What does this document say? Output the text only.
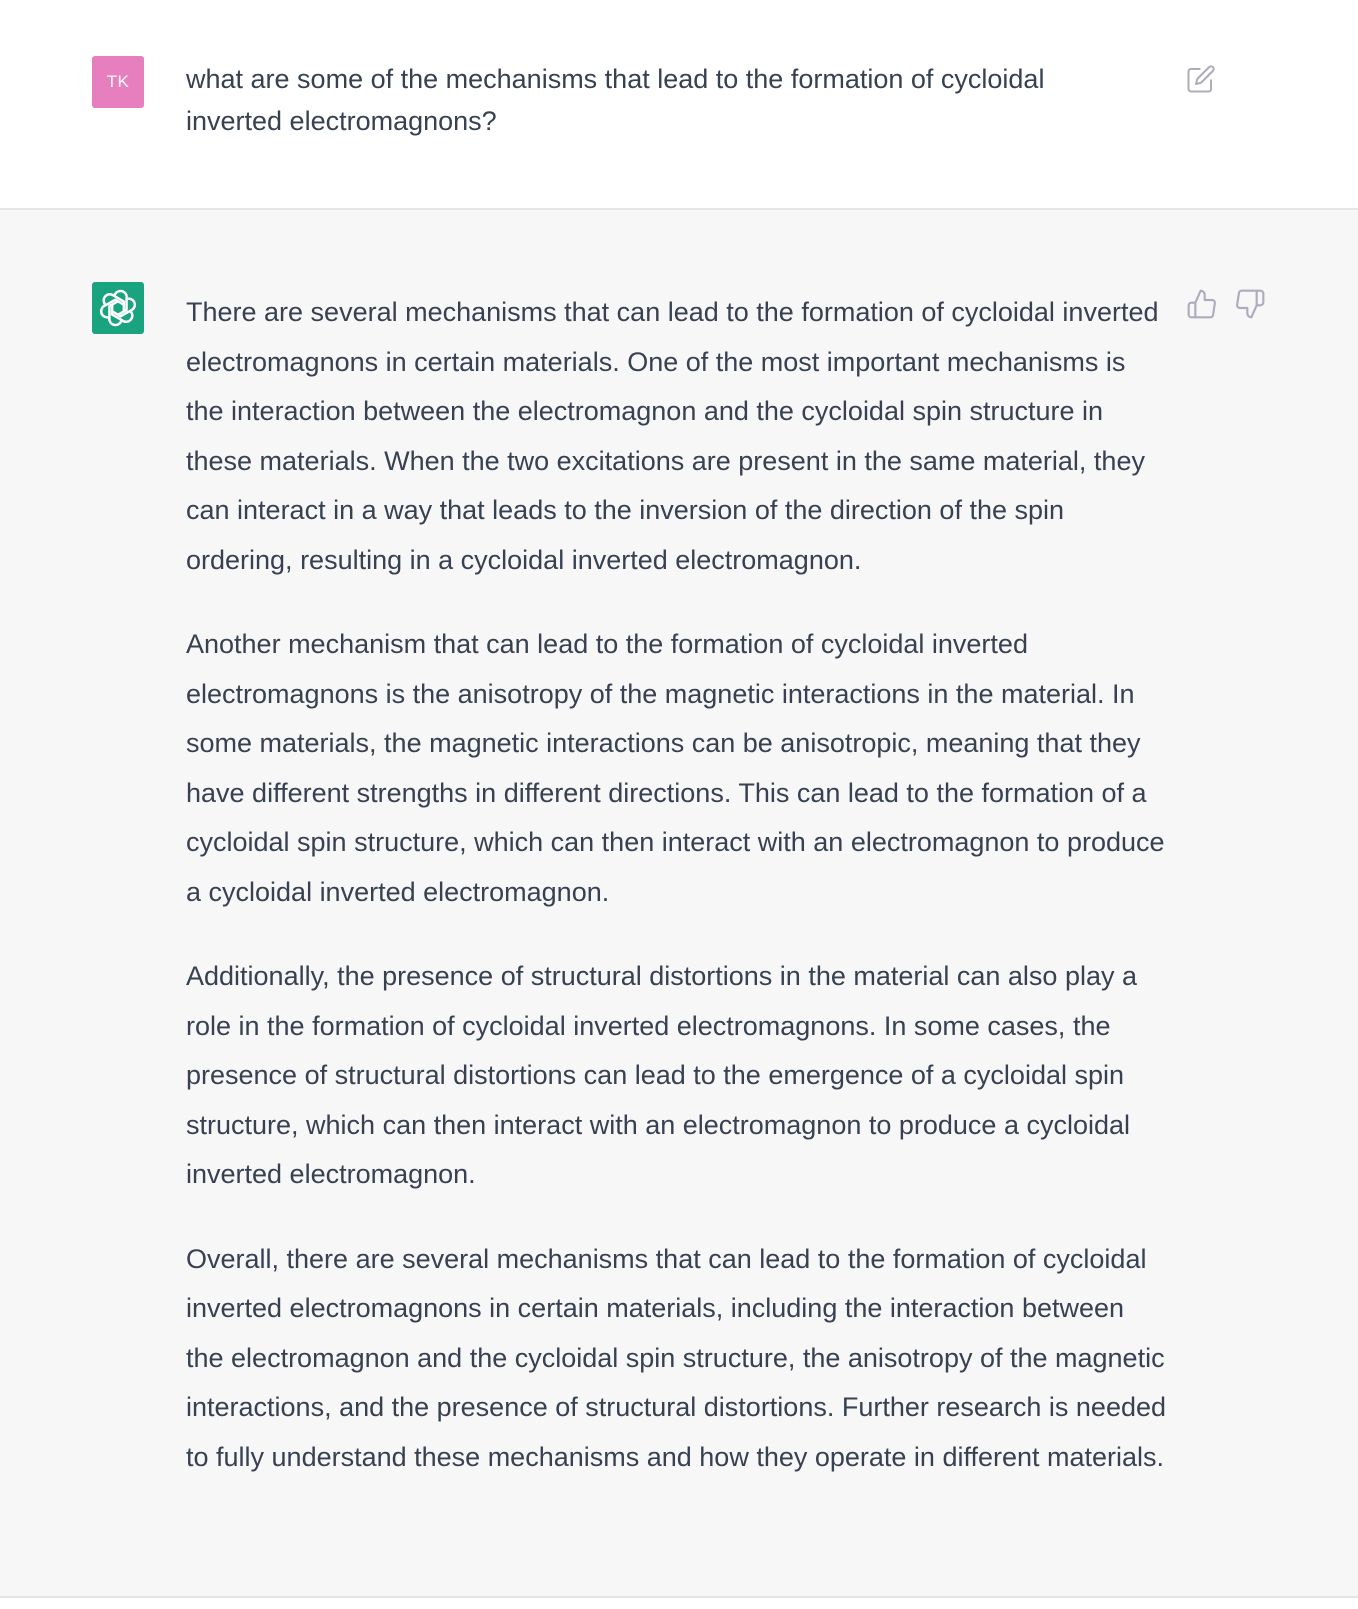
TK what are some of the mechanisms that lead to the formation of cycloidal inverted electromagnons?

There are several mechanisms that can lead to the formation of cycloidal inverted electromagnons in certain materials. One of the most important mechanisms is the interaction between the electromagnon and the cycloidal spin structure in these materials. When the two excitations are present in the same material, they can interact in a way that leads to the inversion of the direction of the spin ordering, resulting in a cycloidal inverted electromagnon.

Another mechanism that can lead to the formation of cycloidal inverted electromagnons is the anisotropy of the magnetic interactions in the material. In some materials, the magnetic interactions can be anisotropic, meaning that they have different strengths in different directions. This can lead to the formation of a cycloidal spin structure, which can then interact with an electromagnon to produce a cycloidal inverted electromagnon.

Additionally, the presence of structural distortions in the material can also play a role in the formation of cycloidal inverted electromagnons. In some cases, the presence of structural distortions can lead to the emergence of a cycloidal spin structure, which can then interact with an electromagnon to produce a cycloidal inverted electromagnon.

Overall, there are several mechanisms that can lead to the formation of cycloidal inverted electromagnons in certain materials, including the interaction between the electromagnon and the cycloidal spin structure, the anisotropy of the magnetic interactions, and the presence of structural distortions. Further research is needed to fully understand these mechanisms and how they operate in different materials.
